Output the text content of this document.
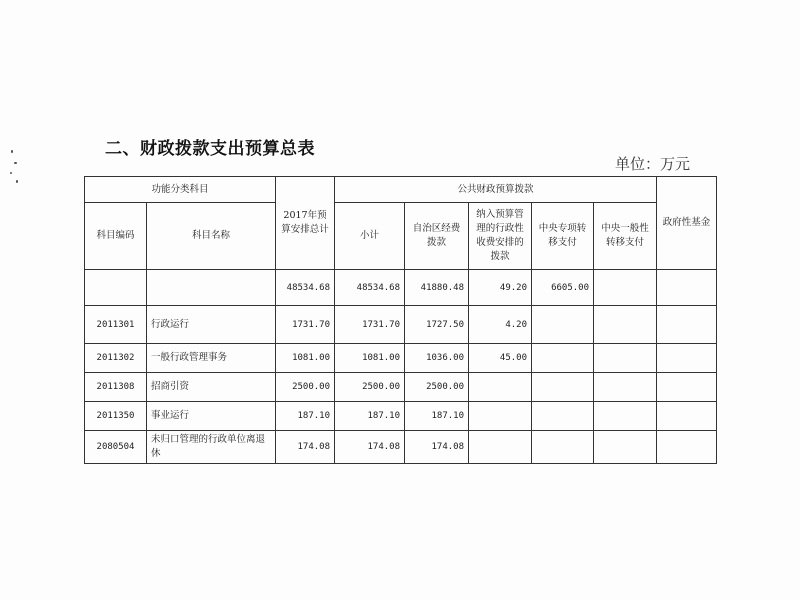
二、财政拨款支出预算总表
单位：万元
功能分类科目		2017年预算安排总计	公共财政预算拨款					政府性基金
科目编码	科目名称		小计	自治区经费拨款	纳入预算管理的行政性收费安排的拨款	中央专项转移支付	中央一般性转移支付	
		48534.68	48534.68	41880.48	49.20	6605.00		
2011301	行政运行	1731.70	1731.70	1727.50	4.20			
2011302	一般行政管理事务	1081.00	1081.00	1036.00	45.00			
2011308	招商引资	2500.00	2500.00	2500.00				
2011350	事业运行	187.10	187.10	187.10				
2080504	未归口管理的行政单位离退休	174.08	174.08	174.08				
